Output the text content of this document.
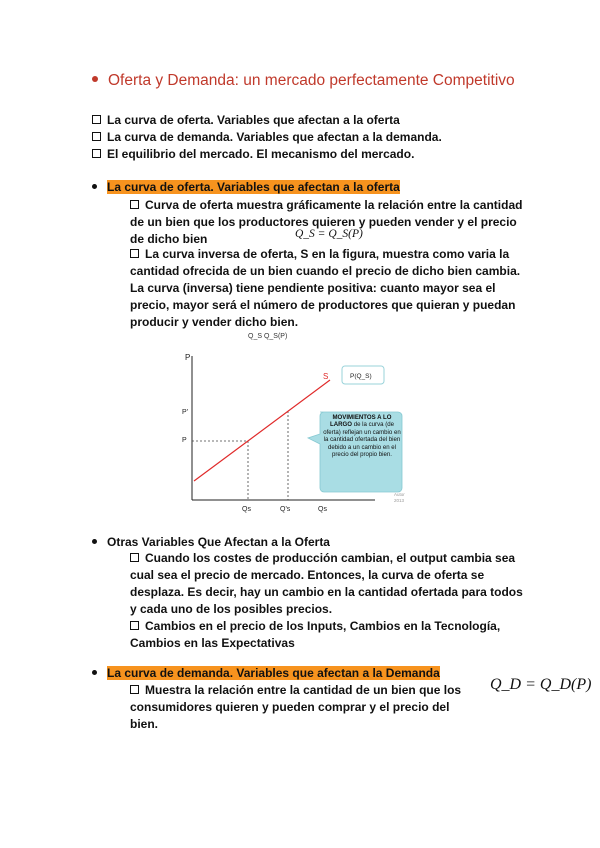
Oferta y Demanda: un mercado perfectamente Competitivo
La curva de oferta. Variables que afectan a la oferta
La curva de demanda. Variables que afectan a la demanda.
El equilibrio del mercado. El mecanismo del mercado.
La curva de oferta. Variables que afectan a la oferta
Curva de oferta muestra gráficamente la relación entre la cantidad de un bien que los productores quieren y pueden vender y el precio de dicho bien	Q_S = Q_S(P)
La curva inversa de oferta, S en la figura, muestra como varia la cantidad ofrecida de un bien cuando el precio de dicho bien cambia. La curva (inversa) tiene pendiente positiva: cuanto mayor sea el precio, mayor será el número de productores que quieran y puedan producir y vender dicho bien.
Q_S Q_S(P)
P
P'
P
S	P(Q_S)
MOVIMIENTOS A LO LARGO de la curva (de oferta) reflejan un cambio en la cantidad ofertada del bien debido a un cambio en el precio del propio bien.
Autor 2013
Qs	Q's	Qs
Otras Variables Que Afectan a la Oferta
Cuando los costes de producción cambian, el output cambia sea cual sea el precio de mercado. Entonces, la curva de oferta se desplaza. Es decir, hay un cambio en la cantidad ofertada para todos y cada uno de los posibles precios.
Cambios en el precio de los Inputs, Cambios en la Tecnología, Cambios en las Expectativas
La curva de demanda. Variables que afectan a la Demanda
Q_D = Q_D(P)
Muestra la relación entre la cantidad de un bien que los consumidores quieren y pueden comprar y el precio del bien.
